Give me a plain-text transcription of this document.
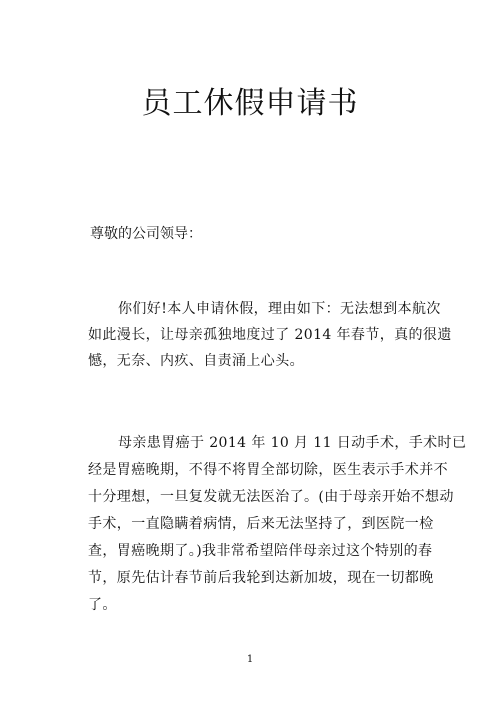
员工休假申请书
尊敬的公司领导：
你们好!本人申请休假，理由如下：无法想到本航次
如此漫长，让母亲孤独地度过了 2014 年春节，真的很遗
憾，无奈、内疚、自责涌上心头。
母亲患胃癌于 2014 年 10 月 11 日动手术，手术时已
经是胃癌晚期，不得不将胃全部切除，医生表示手术并不
十分理想，一旦复发就无法医治了。(由于母亲开始不想动
手术，一直隐瞒着病情，后来无法坚持了，到医院一检
查，胃癌晚期了。)我非常希望陪伴母亲过这个特别的春
节，原先估计春节前后我轮到达新加坡，现在一切都晚
了。
1
